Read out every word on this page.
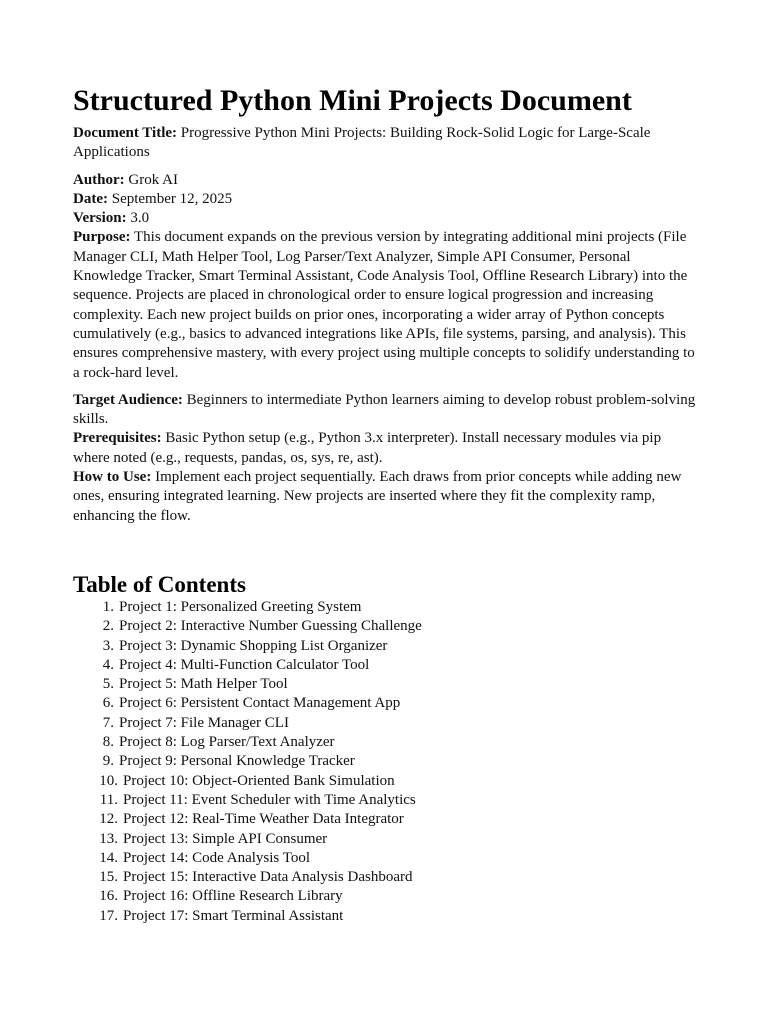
Structured Python Mini Projects Document

Document Title: Progressive Python Mini Projects: Building Rock-Solid Logic for Large-Scale Applications

Author: Grok AI

Date: September 12, 2025

Version: 3.0

Purpose: This document expands on the previous version by integrating additional mini projects (File Manager CLI, Math Helper Tool, Log Parser/Text Analyzer, Simple API Consumer, Personal Knowledge Tracker, Smart Terminal Assistant, Code Analysis Tool, Offline Research Library) into the sequence. Projects are placed in chronological order to ensure logical progression and increasing complexity. Each new project builds on prior ones, incorporating a wider array of Python concepts cumulatively (e.g., basics to advanced integrations like APIs, file systems, parsing, and analysis). This ensures comprehensive mastery, with every project using multiple concepts to solidify understanding to a rock-hard level.

Target Audience: Beginners to intermediate Python learners aiming to develop robust problem-solving skills.

Prerequisites: Basic Python setup (e.g., Python 3.x interpreter). Install necessary modules via pip where noted (e.g., requests, pandas, os, sys, re, ast).

How to Use: Implement each project sequentially. Each draws from prior concepts while adding new ones, ensuring integrated learning. New projects are inserted where they fit the complexity ramp, enhancing the flow.

Table of Contents
1. Project 1: Personalized Greeting System
2. Project 2: Interactive Number Guessing Challenge
3. Project 3: Dynamic Shopping List Organizer
4. Project 4: Multi-Function Calculator Tool
5. Project 5: Math Helper Tool
6. Project 6: Persistent Contact Management App
7. Project 7: File Manager CLI
8. Project 8: Log Parser/Text Analyzer
9. Project 9: Personal Knowledge Tracker
10. Project 10: Object-Oriented Bank Simulation
11. Project 11: Event Scheduler with Time Analytics
12. Project 12: Real-Time Weather Data Integrator
13. Project 13: Simple API Consumer
14. Project 14: Code Analysis Tool
15. Project 15: Interactive Data Analysis Dashboard
16. Project 16: Offline Research Library
17. Project 17: Smart Terminal Assistant
